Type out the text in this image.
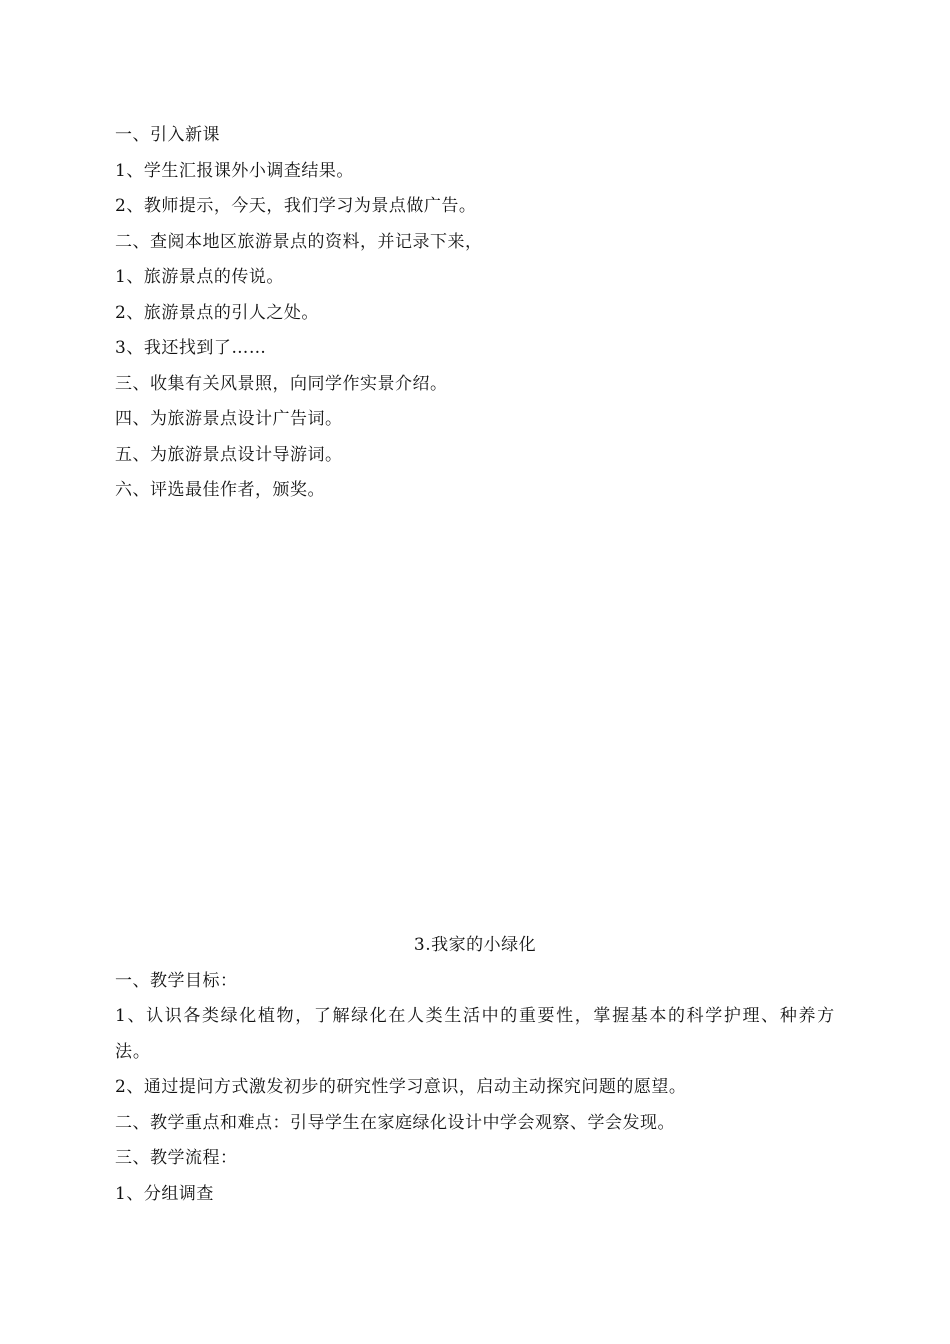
一、引入新课
1、学生汇报课外小调查结果。
2、教师提示，今天，我们学习为景点做广告。
二、查阅本地区旅游景点的资料，并记录下来，
1、旅游景点的传说。
2、旅游景点的引人之处。
3、我还找到了……
三、收集有关风景照，向同学作实景介绍。
四、为旅游景点设计广告词。
五、为旅游景点设计导游词。
六、评选最佳作者，颁奖。
3.我家的小绿化
一、教学目标：
1、认识各类绿化植物，了解绿化在人类生活中的重要性，掌握基本的科学护理、种养方法。
2、通过提问方式激发初步的研究性学习意识，启动主动探究问题的愿望。
二、教学重点和难点：引导学生在家庭绿化设计中学会观察、学会发现。
三、教学流程：
1、分组调查
